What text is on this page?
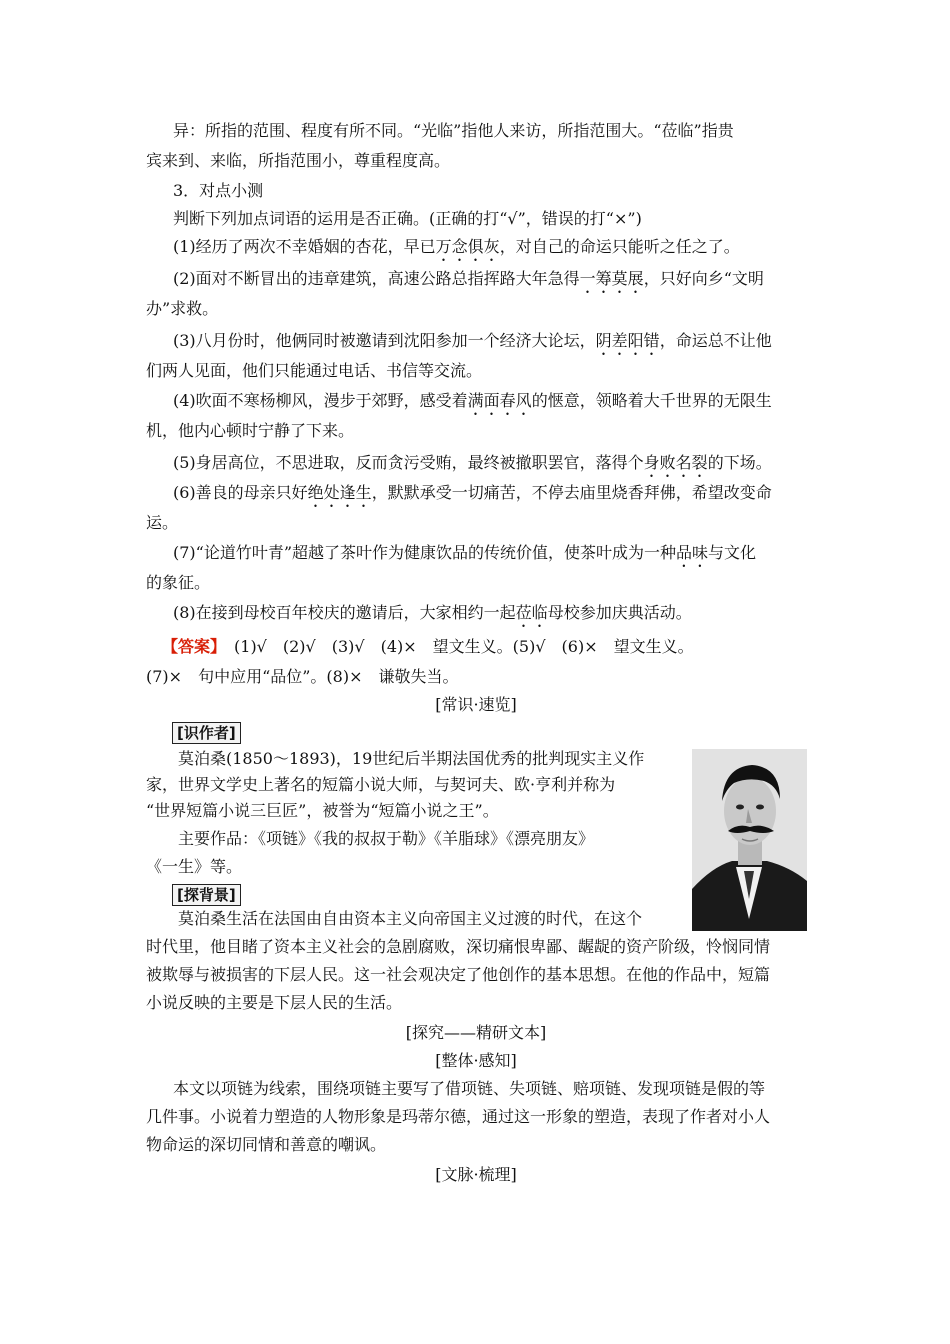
异：所指的范围、程度有所不同。“光临”指他人来访，所指范围大。“莅临”指贵
宾来到、来临，所指范围小，尊重程度高。
3．对点小测
判断下列加点词语的运用是否正确。(正确的打“√”，错误的打“×”)
(1)经历了两次不幸婚姻的杏花，早已万念俱灰，对自己的命运只能听之任之了。
(2)面对不断冒出的违章建筑，高速公路总指挥路大年急得一筹莫展，只好向乡“文明
办”求救。
(3)八月份时，他俩同时被邀请到沈阳参加一个经济大论坛，阴差阳错，命运总不让他
们两人见面，他们只能通过电话、书信等交流。
(4)吹面不寒杨柳风，漫步于郊野，感受着满面春风的惬意，领略着大千世界的无限生
机，他内心顿时宁静了下来。
(5)身居高位，不思进取，反而贪污受贿，最终被撤职罢官，落得个身败名裂的下场。
(6)善良的母亲只好绝处逢生，默默承受一切痛苦，不停去庙里烧香拜佛，希望改变命
运。
(7)“论道竹叶青”超越了茶叶作为健康饮品的传统价值，使茶叶成为一种品味与文化
的象征。
(8)在接到母校百年校庆的邀请后，大家相约一起莅临母校参加庆典活动。
【答案】 (1)√　(2)√　(3)√　(4)×　望文生义。(5)√　(6)×　望文生义。
(7)×　句中应用“品位”。(8)×　谦敬失当。
[常识·速览]
[识作者]
莫泊桑(1850～1893)，19世纪后半期法国优秀的批判现实主义作
家，世界文学史上著名的短篇小说大师，与契诃夫、欧·亨利并称为
“世界短篇小说三巨匠”，被誉为“短篇小说之王”。
主要作品：《项链》《我的叔叔于勒》《羊脂球》《漂亮朋友》
《一生》等。
[探背景]
莫泊桑生活在法国由自由资本主义向帝国主义过渡的时代，在这个
时代里，他目睹了资本主义社会的急剧腐败，深切痛恨卑鄙、龌龊的资产阶级，怜悯同情
被欺辱与被损害的下层人民。这一社会观决定了他创作的基本思想。在他的作品中，短篇
小说反映的主要是下层人民的生活。
[探究——精研文本]
[整体·感知]
本文以项链为线索，围绕项链主要写了借项链、失项链、赔项链、发现项链是假的等
几件事。小说着力塑造的人物形象是玛蒂尔德，通过这一形象的塑造，表现了作者对小人
物命运的深切同情和善意的嘲讽。
[文脉·梳理]
